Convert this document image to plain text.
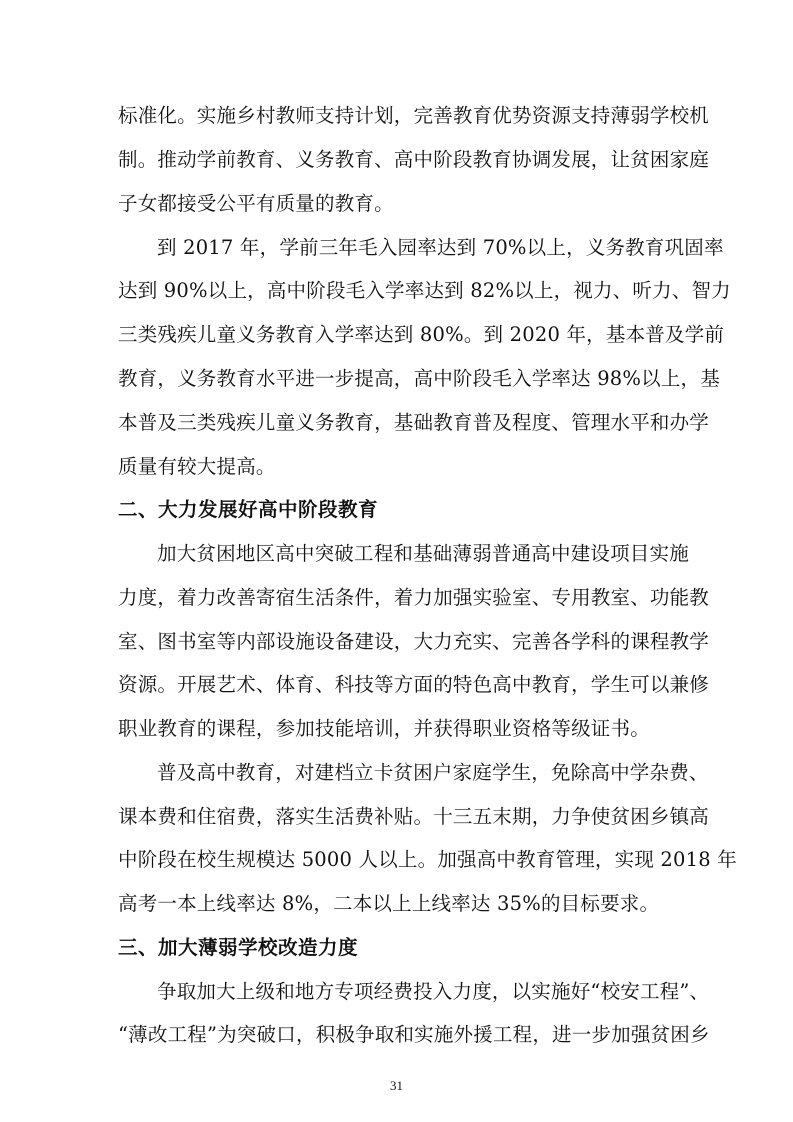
标准化。实施乡村教师支持计划，完善教育优势资源支持薄弱学校机
制。推动学前教育、义务教育、高中阶段教育协调发展，让贫困家庭
子女都接受公平有质量的教育。
到 2017 年，学前三年毛入园率达到 70%以上，义务教育巩固率
达到 90%以上，高中阶段毛入学率达到 82%以上，视力、听力、智力
三类残疾儿童义务教育入学率达到 80%。到 2020 年，基本普及学前
教育，义务教育水平进一步提高，高中阶段毛入学率达 98%以上，基
本普及三类残疾儿童义务教育，基础教育普及程度、管理水平和办学
质量有较大提高。
二、大力发展好高中阶段教育
加大贫困地区高中突破工程和基础薄弱普通高中建设项目实施
力度，着力改善寄宿生活条件，着力加强实验室、专用教室、功能教
室、图书室等内部设施设备建设，大力充实、完善各学科的课程教学
资源。开展艺术、体育、科技等方面的特色高中教育，学生可以兼修
职业教育的课程，参加技能培训，并获得职业资格等级证书。
普及高中教育，对建档立卡贫困户家庭学生，免除高中学杂费、
课本费和住宿费，落实生活费补贴。十三五末期，力争使贫困乡镇高
中阶段在校生规模达 5000 人以上。加强高中教育管理，实现 2018 年
高考一本上线率达 8%，二本以上上线率达 35%的目标要求。
三、加大薄弱学校改造力度
争取加大上级和地方专项经费投入力度，以实施好“校安工程”、
“薄改工程”为突破口，积极争取和实施外援工程，进一步加强贫困乡
31
